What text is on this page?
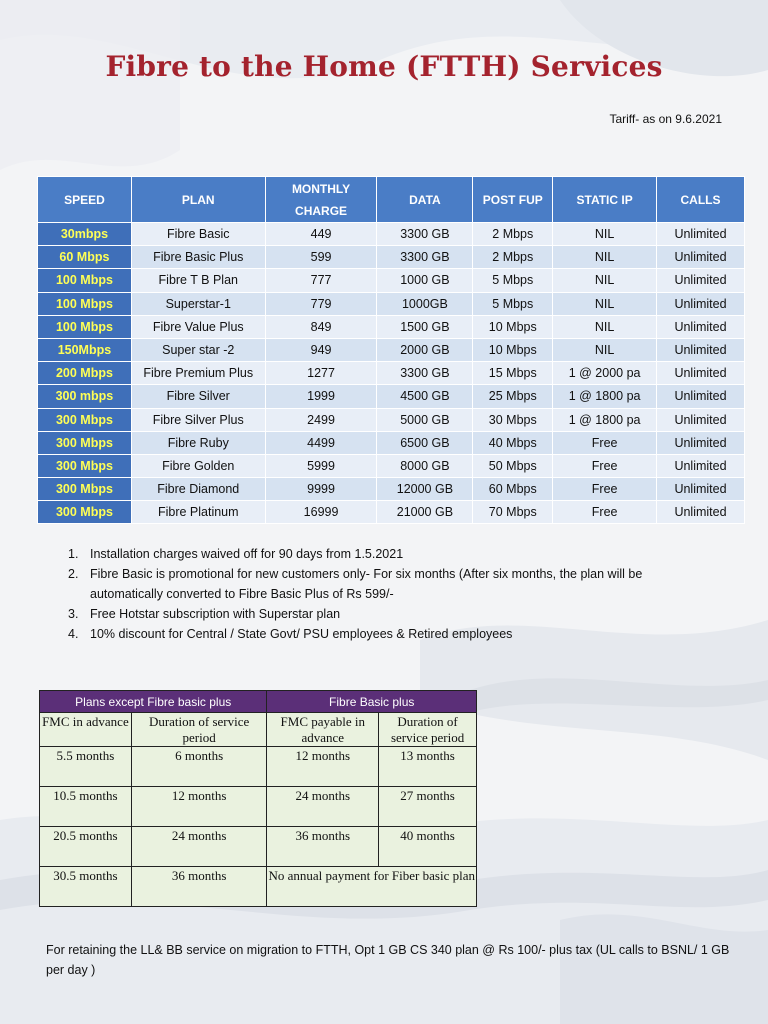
Fibre to the Home (FTTH) Services
Tariff- as on 9.6.2021
SPEED	PLAN	MONTHLY CHARGE	DATA	POST FUP	STATIC IP	CALLS
30mbps	Fibre Basic	449	3300 GB	2 Mbps	NIL	Unlimited
60 Mbps	Fibre Basic Plus	599	3300 GB	2 Mbps	NIL	Unlimited
100 Mbps	Fibre T B Plan	777	1000 GB	5 Mbps	NIL	Unlimited
100 Mbps	Superstar-1	779	1000GB	5 Mbps	NIL	Unlimited
100 Mbps	Fibre Value Plus	849	1500 GB	10 Mbps	NIL	Unlimited
150Mbps	Super star -2	949	2000 GB	10 Mbps	NIL	Unlimited
200 Mbps	Fibre Premium Plus	1277	3300 GB	15 Mbps	1 @ 2000 pa	Unlimited
300 mbps	Fibre Silver	1999	4500 GB	25 Mbps	1 @ 1800 pa	Unlimited
300 Mbps	Fibre Silver Plus	2499	5000 GB	30 Mbps	1 @ 1800 pa	Unlimited
300 Mbps	Fibre Ruby	4499	6500 GB	40 Mbps	Free	Unlimited
300 Mbps	Fibre Golden	5999	8000 GB	50 Mbps	Free	Unlimited
300 Mbps	Fibre Diamond	9999	12000 GB	60 Mbps	Free	Unlimited
300 Mbps	Fibre Platinum	16999	21000 GB	70 Mbps	Free	Unlimited
1. Installation charges waived off for 90 days from 1.5.2021
2. Fibre Basic is promotional for new customers only- For six months (After six months, the plan will be automatically converted to Fibre Basic Plus of Rs 599/-
3. Free Hotstar subscription with Superstar plan
4. 10% discount for Central / State Govt/ PSU employees & Retired employees
Plans except Fibre basic plus		Fibre Basic plus	
FMC in advance	Duration of service period	FMC payable in advance	Duration of service period
5.5 months	6 months	12 months	13 months
10.5 months	12 months	24 months	27 months
20.5 months	24 months	36 months	40 months
30.5 months	36 months	No annual payment for Fiber basic plan	
For retaining the LL& BB service on migration to FTTH, Opt 1 GB CS 340 plan @ Rs 100/- plus tax (UL calls to BSNL/ 1 GB per day )
